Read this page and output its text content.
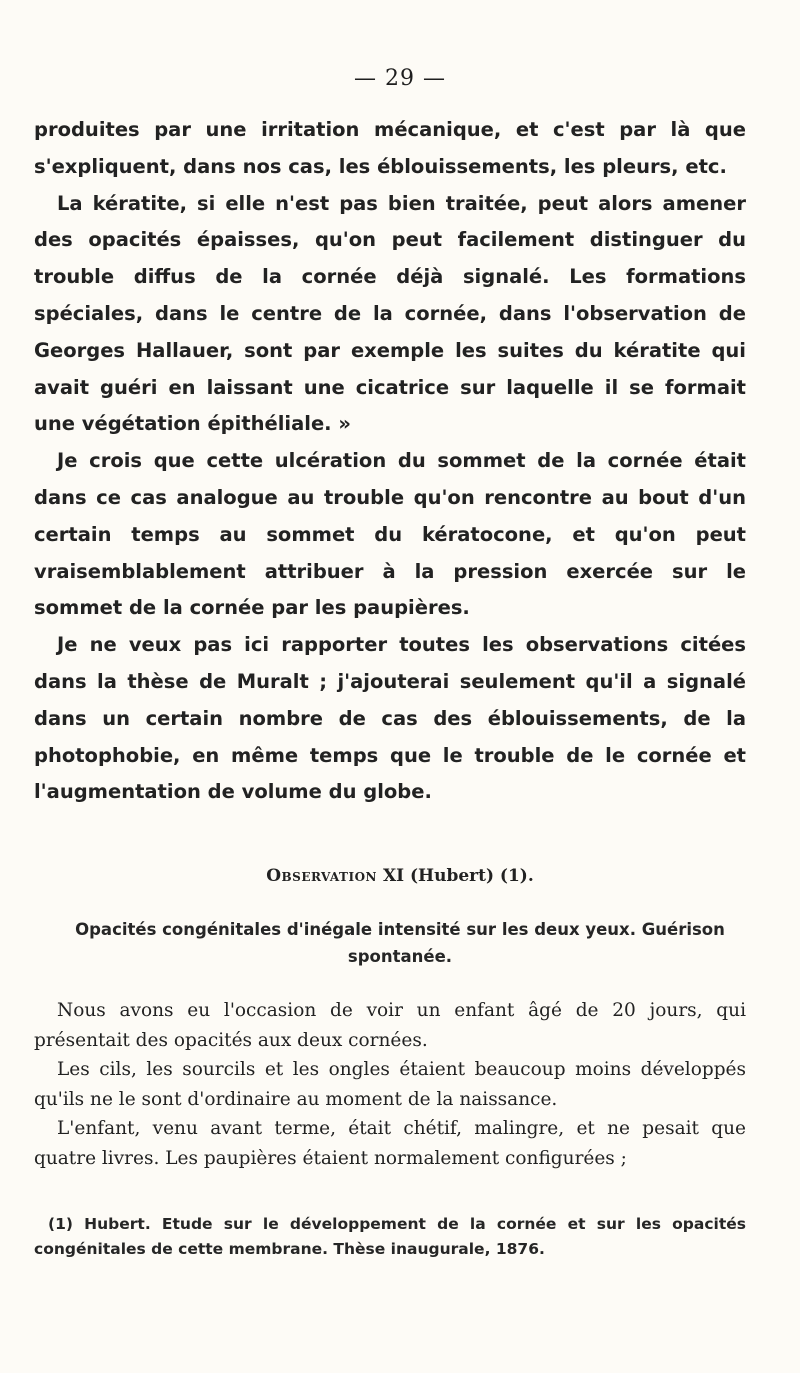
— 29 —

produites par une irritation mécanique, et c'est par là que s'expliquent, dans nos cas, les éblouissements, les pleurs, etc.

La kératite, si elle n'est pas bien traitée, peut alors amener des opacités épaisses, qu'on peut facilement distinguer du trouble diffus de la cornée déjà signalé. Les formations spéciales, dans le centre de la cornée, dans l'observation de Georges Hallauer, sont par exemple les suites du kératite qui avait guéri en laissant une cicatrice sur laquelle il se formait une végétation épithéliale. »

Je crois que cette ulcération du sommet de la cornée était dans ce cas analogue au trouble qu'on rencontre au bout d'un certain temps au sommet du kératocone, et qu'on peut vraisemblablement attribuer à la pression exercée sur le sommet de la cornée par les paupières.

Je ne veux pas ici rapporter toutes les observations citées dans la thèse de Muralt ; j'ajouterai seulement qu'il a signalé dans un certain nombre de cas des éblouissements, de la photophobie, en même temps que le trouble de le cornée et l'augmentation de volume du globe.

Observation XI (Hubert) (1).
Opacités congénitales d'inégale intensité sur les deux yeux. Guérison spontanée.

Nous avons eu l'occasion de voir un enfant âgé de 20 jours, qui présentait des opacités aux deux cornées.

Les cils, les sourcils et les ongles étaient beaucoup moins développés qu'ils ne le sont d'ordinaire au moment de la naissance.

L'enfant, venu avant terme, était chétif, malingre, et ne pesait que quatre livres. Les paupières étaient normalement configurées ;

(1) Hubert. Etude sur le développement de la cornée et sur les opacités congénitales de cette membrane. Thèse inaugurale, 1876.
